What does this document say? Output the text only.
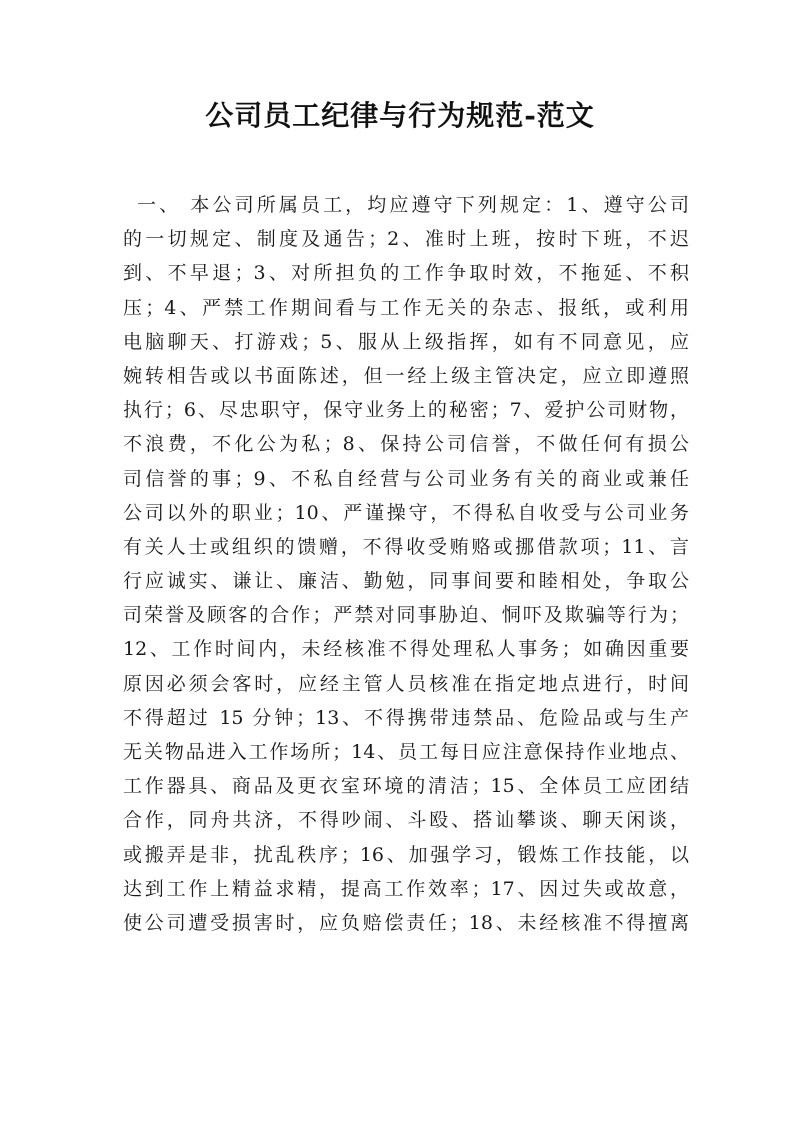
公司员工纪律与行为规范-范文
一、 本公司所属员工，均应遵守下列规定：1、遵守公司
的一切规定、制度及通告；2、准时上班，按时下班，不迟
到、不早退；3、对所担负的工作争取时效，不拖延、不积
压；4、严禁工作期间看与工作无关的杂志、报纸，或利用
电脑聊天、打游戏；5、服从上级指挥，如有不同意见，应
婉转相告或以书面陈述，但一经上级主管决定，应立即遵照
执行；6、尽忠职守，保守业务上的秘密；7、爱护公司财物，
不浪费，不化公为私；8、保持公司信誉，不做任何有损公
司信誉的事；9、不私自经营与公司业务有关的商业或兼任
公司以外的职业；10、严谨操守，不得私自收受与公司业务
有关人士或组织的馈赠，不得收受贿赂或挪借款项；11、言
行应诚实、谦让、廉洁、勤勉，同事间要和睦相处，争取公
司荣誉及顾客的合作；严禁对同事胁迫、恫吓及欺骗等行为；
12、工作时间内，未经核准不得处理私人事务；如确因重要
原因必须会客时，应经主管人员核准在指定地点进行，时间
不得超过 15 分钟；13、不得携带违禁品、危险品或与生产
无关物品进入工作场所；14、员工每日应注意保持作业地点、
工作器具、商品及更衣室环境的清洁；15、全体员工应团结
合作，同舟共济，不得吵闹、斗殴、搭讪攀谈、聊天闲谈，
或搬弄是非，扰乱秩序；16、加强学习，锻炼工作技能，以
达到工作上精益求精，提高工作效率；17、因过失或故意，
使公司遭受损害时，应负赔偿责任；18、未经核准不得擅离
